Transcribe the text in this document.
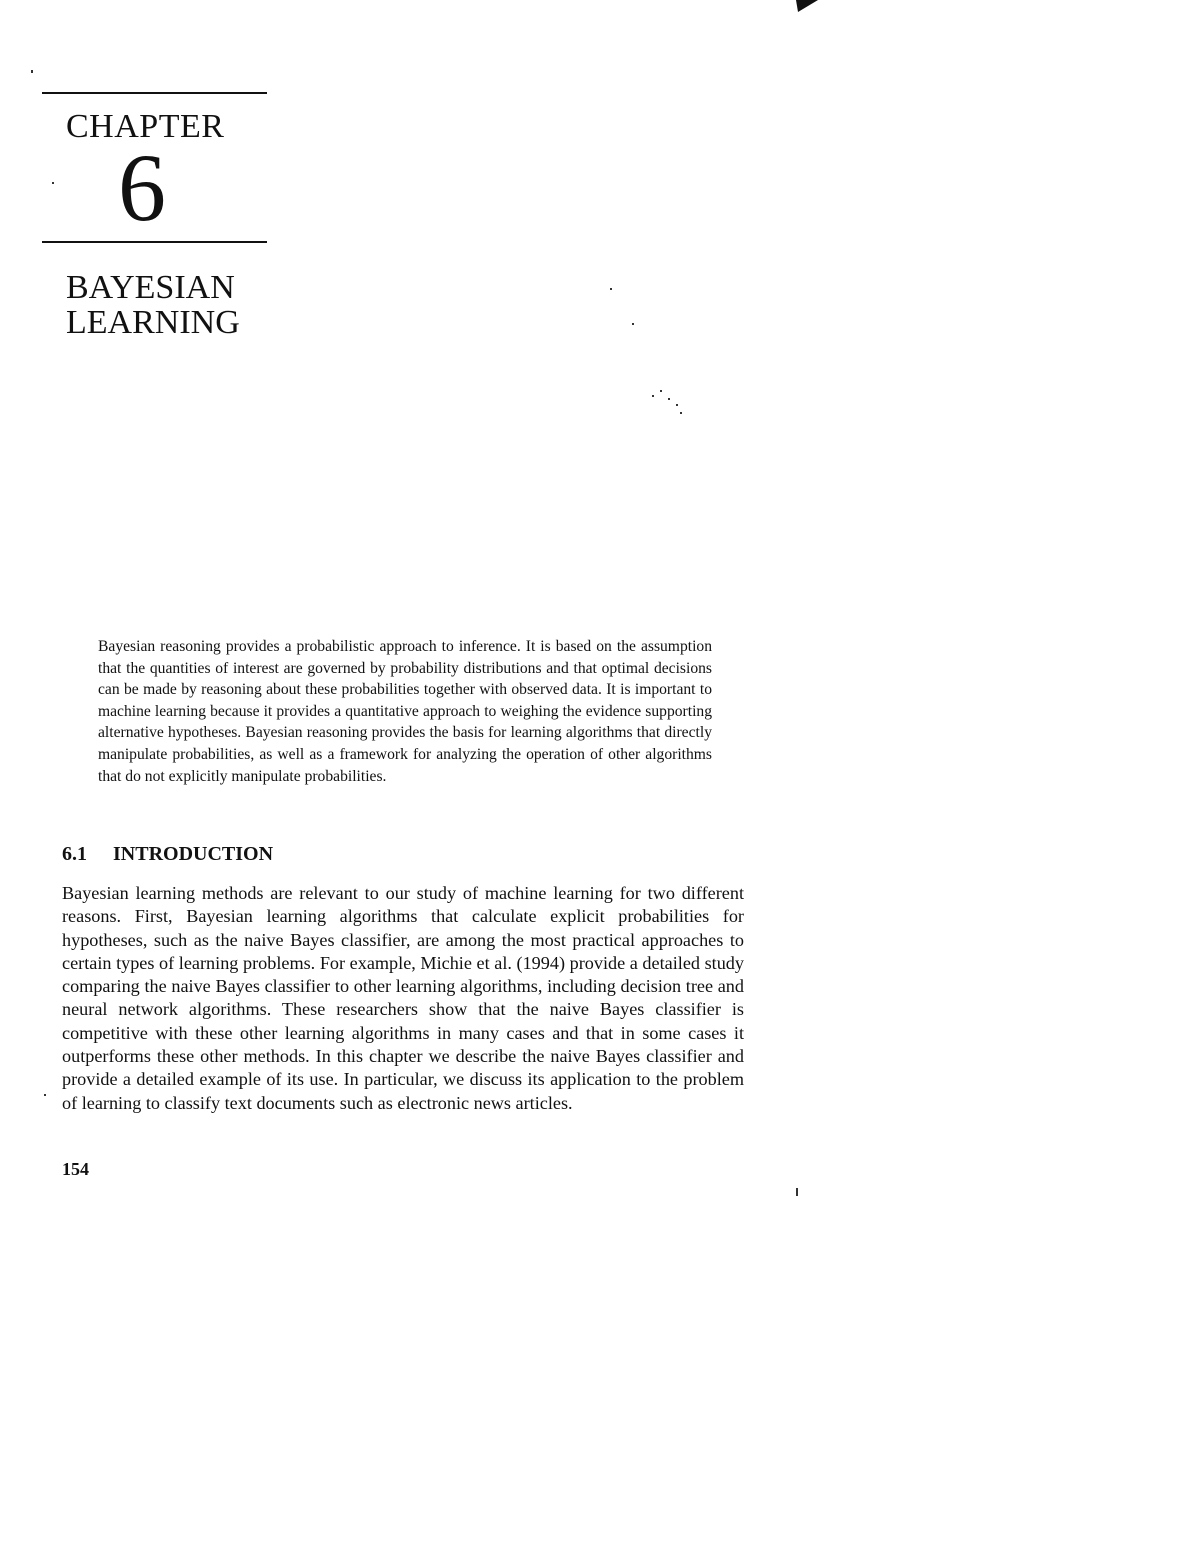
CHAPTER
6
BAYESIAN
LEARNING
Bayesian reasoning provides a probabilistic approach to inference. It is based on the assumption that the quantities of interest are governed by probability distributions and that optimal decisions can be made by reasoning about these probabilities together with observed data. It is important to machine learning because it provides a quantitative approach to weighing the evidence supporting alternative hypotheses. Bayesian reasoning provides the basis for learning algorithms that directly manipulate probabilities, as well as a framework for analyzing the operation of other algorithms that do not explicitly manipulate probabilities.
6.1 INTRODUCTION
Bayesian learning methods are relevant to our study of machine learning for two different reasons. First, Bayesian learning algorithms that calculate explicit probabilities for hypotheses, such as the naive Bayes classifier, are among the most practical approaches to certain types of learning problems. For example, Michie et al. (1994) provide a detailed study comparing the naive Bayes classifier to other learning algorithms, including decision tree and neural network algorithms. These researchers show that the naive Bayes classifier is competitive with these other learning algorithms in many cases and that in some cases it outperforms these other methods. In this chapter we describe the naive Bayes classifier and provide a detailed example of its use. In particular, we discuss its application to the problem of learning to classify text documents such as electronic news articles.
154
